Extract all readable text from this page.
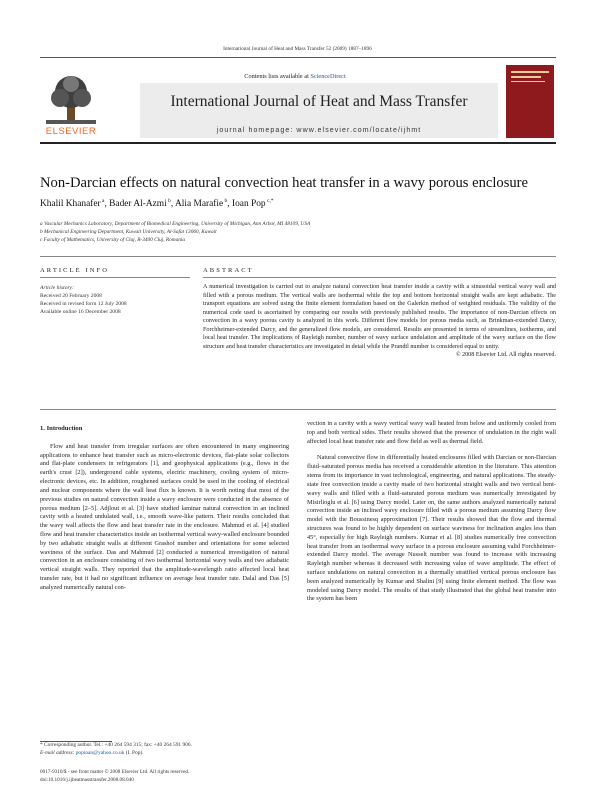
International Journal of Heat and Mass Transfer 52 (2009) 1887–1896
Contents lists available at ScienceDirect
International Journal of Heat and Mass Transfer
journal homepage: www.elsevier.com/locate/ijhmt
ELSEVIER
Non-Darcian effects on natural convection heat transfer in a wavy porous enclosure
Khalil Khanafer $^a$, Bader Al-Azmi $^b$, Alia Marafie $^b$, Ioan Pop $^{c,*}$
a Vascular Mechanics Laboratory, Department of Biomedical Engineering, University of Michigan, Ann Arbor, MI 48109, USA
b Mechanical Engineering Department, Kuwait University, Al-Safat 13060, Kuwait
c Faculty of Mathematics, University of Cluj, R-3400 Cluj, Romania
ARTICLE INFO	ABSTRACT
Article history:
Received 20 February 2008
Received in revised form 12 July 2008
Available online 16 December 2008
A numerical investigation is carried out to analyze natural convection heat transfer inside a cavity with a sinusoidal vertical wavy wall and filled with a porous medium. The vertical walls are isothermal while the top and bottom horizontal straight walls are kept adiabatic. The transport equations are solved using the finite element formulation based on the Galerkin method of weighted residuals. The validity of the numerical code used is ascertained by comparing our results with previously published results. The importance of non-Darcian effects on convection in a wavy porous cavity is analyzed in this work. Different flow models for porous media such, as Brinkman-extended Darcy, Forchheimer-extended Darcy, and the generalized flow models, are considered. Results are presented in terms of streamlines, isotherms, and local heat transfer. The implications of Rayleigh number, number of wavy surface undulation and amplitude of the wavy surface on the flow structure and heat transfer characteristics are investigated in detail while the Prandtl number is considered equal to unity.
© 2008 Elsevier Ltd. All rights reserved.

1. Introduction

Flow and heat transfer from irregular surfaces are often encountered in many engineering applications to enhance heat transfer such as micro-electronic devices, flat-plate solar collectors and flat-plate condensers in refrigerators [1], and geophysical applications (e.g., flows in the earth's crust [2]), underground cable systems, electric machinery, cooling system of micro-electronic devices, etc. In addition, roughened surfaces could be used in the cooling of electrical and nuclear components where the wall heat flux is known. It is worth noting that most of the previous studies on natural convection inside a wavy enclosure were conducted in the absence of porous medium [2–5]. Adjlout et al. [3] have studied laminar natural convection in an inclined cavity with a heated undulated wall, i.e., smooth wave-like pattern. Their results concluded that the wavy wall affects the flow and heat transfer rate in the enclosure. Mahmud et al. [4] studied flow and heat transfer characteristics inside an isothermal vertical wavy-walled enclosure bounded by two adiabatic straight walls at different Grashof number and orientations for some selected waviness of the surface. Das and Mahmud [2] conducted a numerical investigation of natural convection in an enclosure consisting of two isothermal horizontal wavy walls and two adiabatic vertical straight walls. They reported that the amplitude-wavelength ratio affected local heat transfer rate, but it had no significant influence on average heat transfer rate. Dalal and Das [5] analyzed numerically natural con-

vection in a cavity with a wavy vertical wavy wall heated from below and uniformly cooled from top and both vertical sides. Their results showed that the presence of undulation in the right wall affected local heat transfer rate and flow field as well as thermal field.

Natural convective flow in differentially heated enclosures filled with Darcian or non-Darcian fluid–saturated porous media has received a considerable attention in the literature. This attention stems from its importance in vast technological, engineering, and natural applications. The steady-state free convection inside a cavity made of two horizontal straight walls and two vertical bent-wavy walls and filled with a fluid-saturated porous medium was numerically investigated by Misirlioglu et al. [6] using Darcy model. Later on, the same authors analyzed numerically natural convection inside an inclined wavy enclosure filled with a porous medium assuming Darcy flow model with the Boussinesq approximation [7]. Their results showed that the flow and thermal structures was found to be highly dependent on surface waviness for inclination angles less than 45°, especially for high Rayleigh numbers. Kumar et al. [8] studies numerically free convection heat transfer from an isothermal wavy surface in a porous enclosure assuming valid Forchheimer-extended Darcy model. The average Nusselt number was found to increase with increasing Rayleigh number whereas it decreased with increasing value of wave amplitude. The effect of surface undulations on natural convection in a thermally stratified vertical porous enclosure has been analyzed numerically by Kumar and Shalini [9] using finite element method. The flow was modeled using Darcy model. The results of that study illustrated that the global heat transfer into the system has been

* Corresponding author. Tel.: +40 264 594 315; fax: +40 264 591 906.
E-mail address: popioan@yahoo.co.uk (I. Pop).
0017-9310/$ - see front matter © 2008 Elsevier Ltd. All rights reserved.
doi:10.1016/j.ijheatmasstransfer.2008.08.040
